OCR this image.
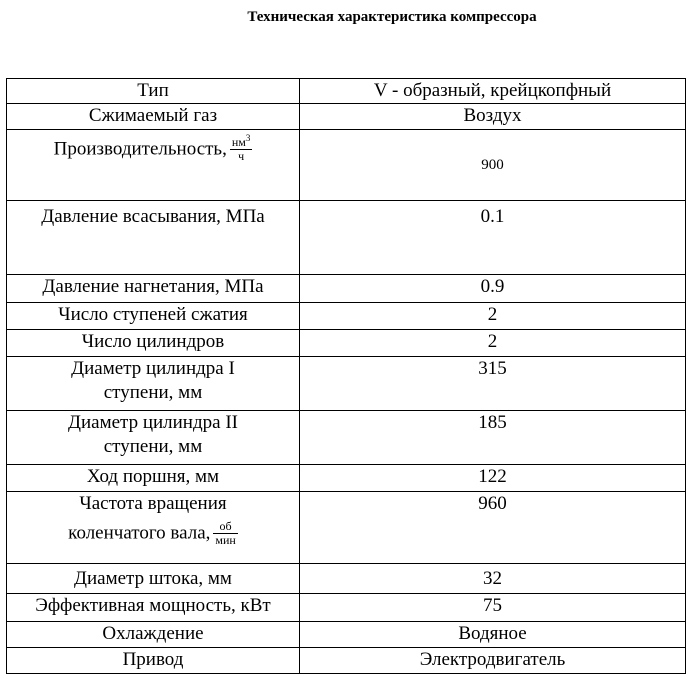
Техническая характеристика компрессора
Тип	V - образный, крейцкопфный
Сжимаемый газ	Воздух
Производительность, $\frac{нм^3}{ч}$	900
Давление всасывания, МПа	0.1
Давление нагнетания, МПа	0.9
Число ступеней сжатия	2
Число цилиндров	2

Диаметр цилиндра I
ступени, мм	315

Диаметр цилиндра II
ступени, мм	185
Ход поршня, мм	122

Частота вращения
коленчатого вала, $\frac{об}{\text{мин}}$	960
Диаметр штока, мм	32
Эффективная мощность, кВт	75
Охлаждение	Водяное
Привод	Электродвигатель
